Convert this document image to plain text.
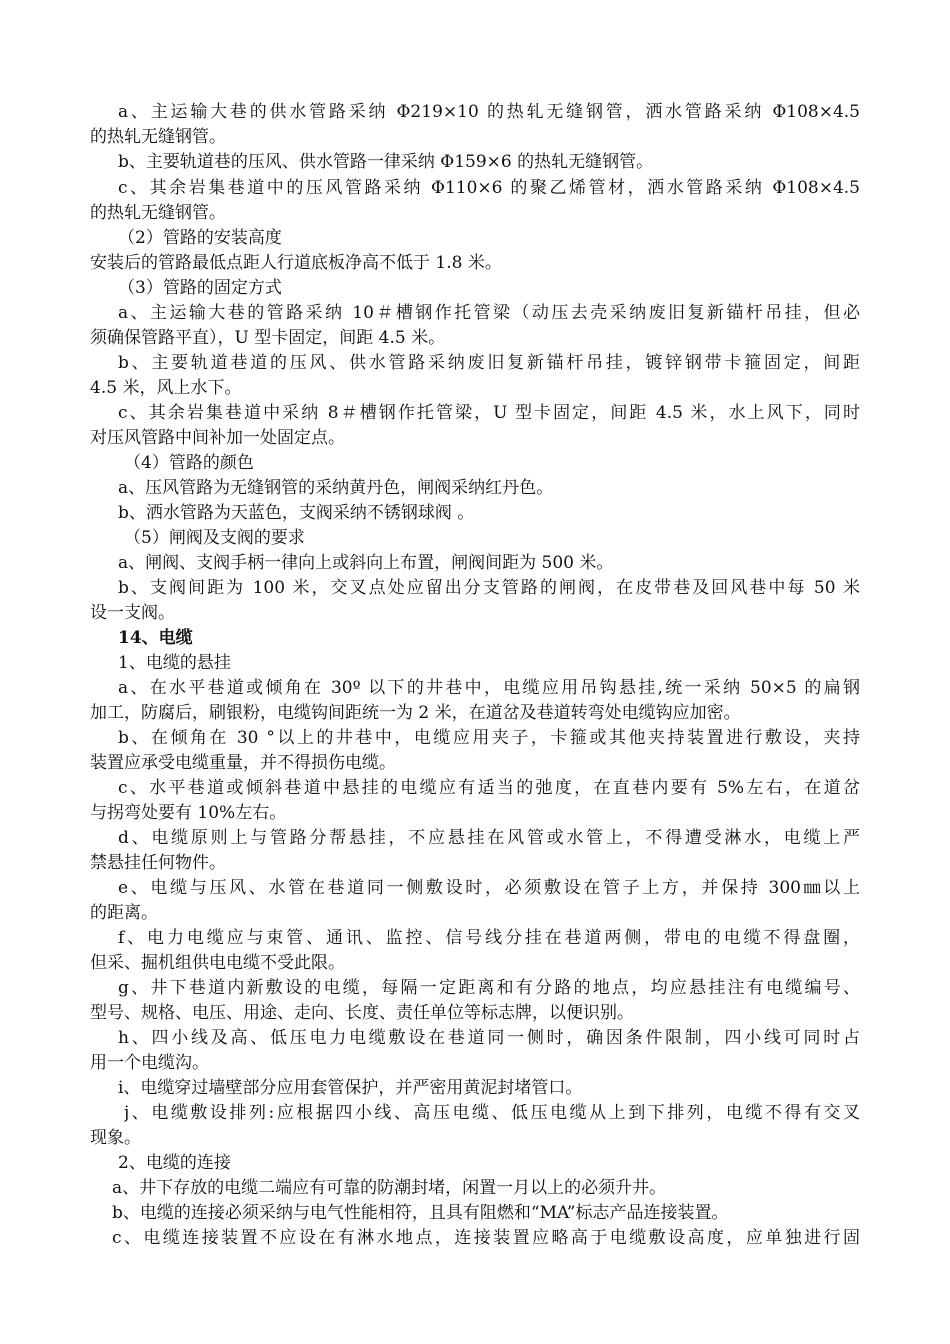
a、主运输大巷的供水管路采纳 Φ219×10 的热轧无缝钢管，洒水管路采纳 Φ108×4.5
的热轧无缝钢管。
b、主要轨道巷的压风、供水管路一律采纳 Φ159×6 的热轧无缝钢管。
c、其余岩集巷道中的压风管路采纳 Φ110×6 的聚乙烯管材，洒水管路采纳 Φ108×4.5
的热轧无缝钢管。
（2）管路的安装高度
安装后的管路最低点距人行道底板净高不低于 1.8 米。
（3）管路的固定方式
a、主运输大巷的管路采纳 10＃槽钢作托管梁（动压去壳采纳废旧复新锚杆吊挂，但必
须确保管路平直），U 型卡固定，间距 4.5 米。
b、主要轨道巷道的压风、供水管路采纳废旧复新锚杆吊挂，镀锌钢带卡箍固定，间距
4.5 米，风上水下。
c、其余岩集巷道中采纳 8＃槽钢作托管梁，U 型卡固定，间距 4.5 米，水上风下，同时
对压风管路中间补加一处固定点。
（4）管路的颜色
a、压风管路为无缝钢管的采纳黄丹色，闸阀采纳红丹色。
b、洒水管路为天蓝色，支阀采纳不锈钢球阀 。
（5）闸阀及支阀的要求
a、闸阀、支阀手柄一律向上或斜向上布置，闸阀间距为 500 米。
b、支阀间距为 100 米，交叉点处应留出分支管路的闸阀，在皮带巷及回风巷中每 50 米
设一支阀。
14、电缆
1、电缆的悬挂
a、在水平巷道或倾角在 30º 以下的井巷中，电缆应用吊钩悬挂,统一采纳 50×5 的扁钢
加工，防腐后，刷银粉，电缆钩间距统一为 2 米，在道岔及巷道转弯处电缆钩应加密。
b、在倾角在 30 °以上的井巷中，电缆应用夹子，卡箍或其他夹持装置进行敷设，夹持
装置应承受电缆重量，并不得损伤电缆。
c、水平巷道或倾斜巷道中悬挂的电缆应有适当的弛度，在直巷内要有 5%左右，在道岔
与拐弯处要有 10%左右。
d、电缆原则上与管路分帮悬挂，不应悬挂在风管或水管上，不得遭受淋水，电缆上严
禁悬挂任何物件。
e、电缆与压风、水管在巷道同一侧敷设时，必须敷设在管子上方，并保持 300㎜以上
的距离。
f、电力电缆应与束管、通讯、监控、信号线分挂在巷道两侧，带电的电缆不得盘圈，
但采、掘机组供电电缆不受此限。
g、井下巷道内新敷设的电缆，每隔一定距离和有分路的地点，均应悬挂注有电缆编号、
型号、规格、电压、用途、走向、长度、责任单位等标志牌，以便识别。
h、四小线及高、低压电力电缆敷设在巷道同一侧时，确因条件限制，四小线可同时占
用一个电缆沟。
i、电缆穿过墙壁部分应用套管保护，并严密用黄泥封堵管口。
j、电缆敷设排列:应根据四小线、高压电缆、低压电缆从上到下排列，电缆不得有交叉
现象。
2、电缆的连接
a、井下存放的电缆二端应有可靠的防潮封堵，闲置一月以上的必须升井。
b、电缆的连接必须采纳与电气性能相符，且具有阻燃和“MA”标志产品连接装置。
c、电缆连接装置不应设在有淋水地点，连接装置应略高于电缆敷设高度，应单独进行固
